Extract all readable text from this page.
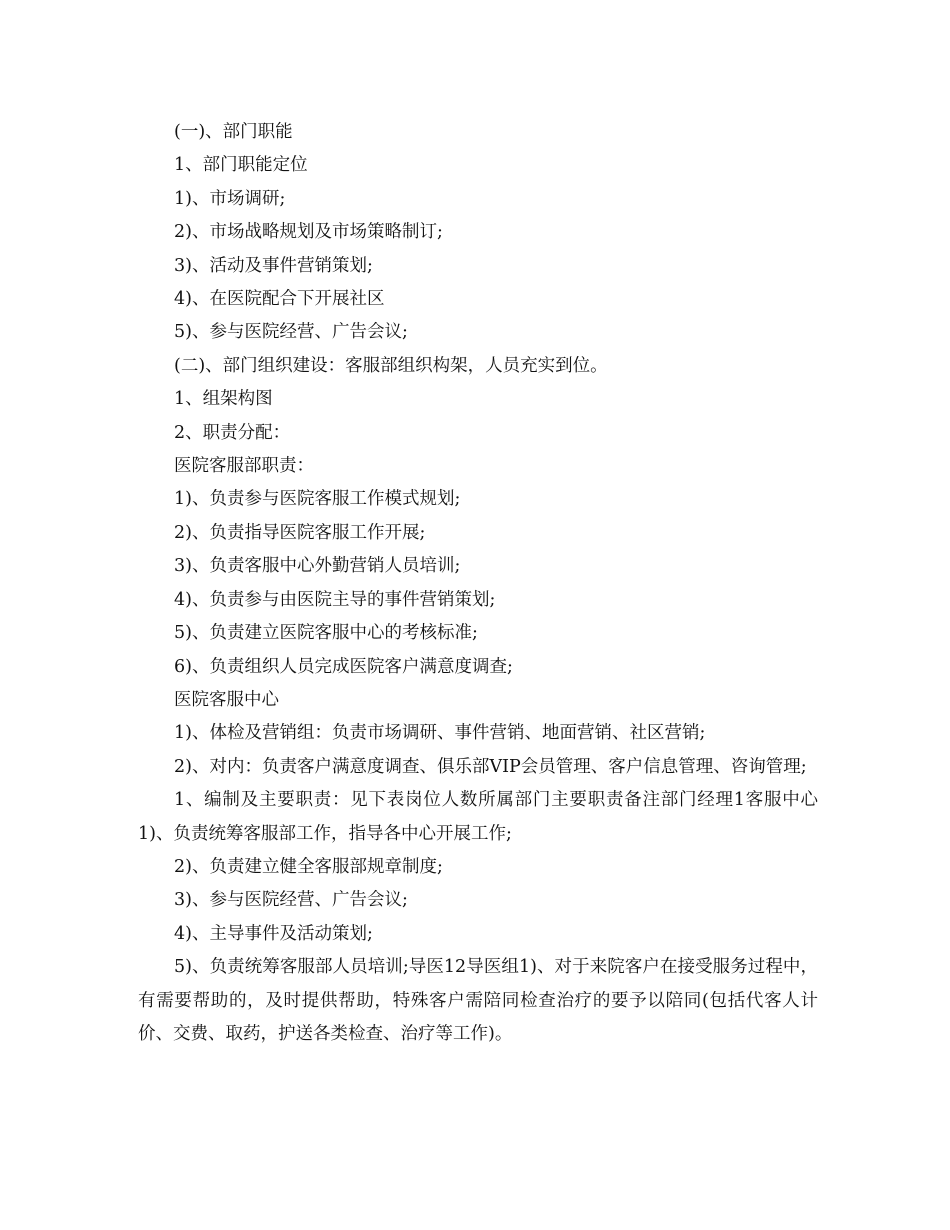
(一)、部门职能

1、部门职能定位

1)、市场调研;

2)、市场战略规划及市场策略制订;

3)、活动及事件营销策划;

4)、在医院配合下开展社区

5)、参与医院经营、广告会议;

(二)、部门组织建设：客服部组织构架，人员充实到位。

1、组架构图

2、职责分配：

医院客服部职责：

1)、负责参与医院客服工作模式规划;

2)、负责指导医院客服工作开展;

3)、负责客服中心外勤营销人员培训;

4)、负责参与由医院主导的事件营销策划;

5)、负责建立医院客服中心的考核标准;

6)、负责组织人员完成医院客户满意度调查;

医院客服中心

1)、体检及营销组：负责市场调研、事件营销、地面营销、社区营销;

2)、对内：负责客户满意度调查、俱乐部VIP会员管理、客户信息管理、咨询管理;

1、编制及主要职责：见下表岗位人数所属部门主要职责备注部门经理1客服中心1)、负责统筹客服部工作，指导各中心开展工作;

2)、负责建立健全客服部规章制度;

3)、参与医院经营、广告会议;

4)、主导事件及活动策划;

5)、负责统筹客服部人员培训;导医12导医组1)、对于来院客户在接受服务过程中，有需要帮助的，及时提供帮助，特殊客户需陪同检查治疗的要予以陪同(包括代客人计价、交费、取药，护送各类检查、治疗等工作)。
